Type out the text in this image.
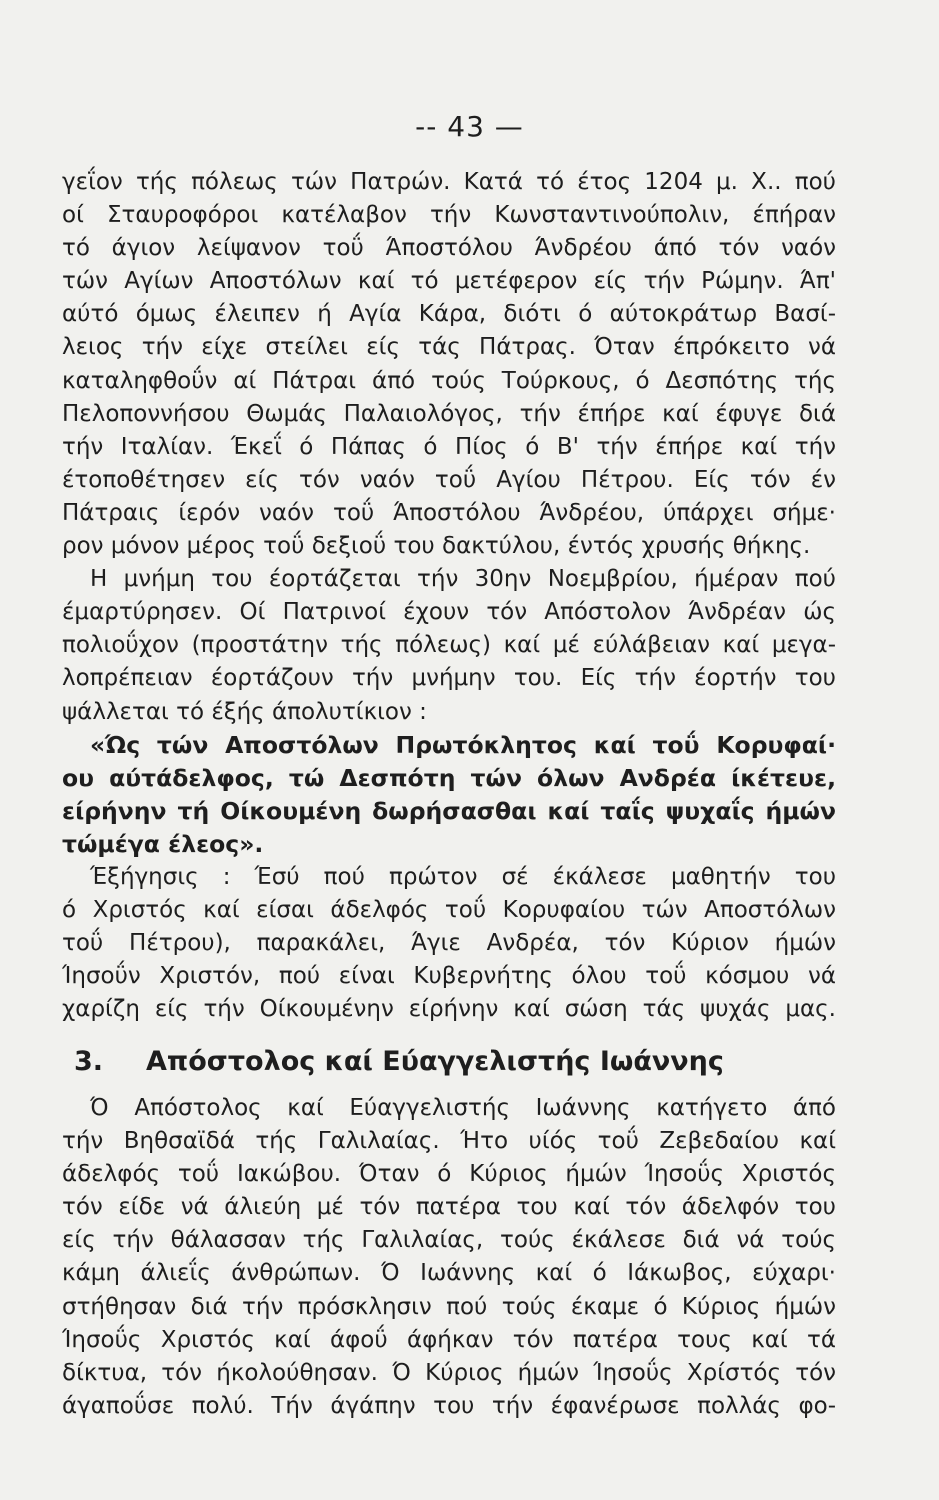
-- 43 —
γεΐον τής πόλεως τών Πατρών. Κατά τό έτος 1204 μ. Χ.. πού
οί Σταυροφόροι κατέλαβον τήν Κωνσταντινούπολιν, έπήραν
τό άγιον λείψανον τοΰ Άποστόλου Άνδρέου άπό τόν ναόν
τών Αγίων Αποστόλων καί τό μετέφερον είς τήν Ρώμην. Άπ'
αύτό όμως έλειπεν ή Αγία Κάρα, διότι ό αύτοκράτωρ Βασί-
λειος τήν είχε στείλει είς τάς Πάτρας. Όταν έπρόκειτο νά
καταληφθοΰν αί Πάτραι άπό τούς Τούρκους, ό Δεσπότης τής
Πελοποννήσου Θωμάς Παλαιολόγος, τήν έπήρε καί έφυγε διά
τήν Ιταλίαν. Έκεΐ ό Πάπας ό Πίος ό Β' τήν έπήρε καί τήν
έτοποθέτησεν είς τόν ναόν τοΰ Αγίου Πέτρου. Είς τόν έν
Πάτραις ίερόν ναόν τοΰ Άποστόλου Άνδρέου, ύπάρχει σήμε·
ρον μόνον μέρος τοΰ δεξιοΰ του δακτύλου, έντός χρυσής θήκης.
Η μνήμη του έορτάζεται τήν 30ην Νοεμβρίου, ήμέραν πού
έμαρτύρησεν. Οί Πατρινοί έχουν τόν Απόστολον Άνδρέαν ώς
πολιοΰχον (προστάτην τής πόλεως) καί μέ εύλάβειαν καί μεγα-
λοπρέπειαν έορτάζουν τήν μνήμην του. Είς τήν έορτήν του
ψάλλεται τό έξής άπολυτίκιον :
«Ώς τών Αποστόλων Πρωτόκλητος καί τοΰ Κορυφαί·
ου αύτάδελφος, τώ Δεσπότη τών όλων Ανδρέα ίκέτευε,
είρήνην τή Οίκουμένη δωρήσασθαι καί ταΐς ψυχαΐς ήμών
τώμέγα έλεος».
Έξήγησις : Έσύ πού πρώτον σέ έκάλεσε μαθητήν του
ό Χριστός καί είσαι άδελφός τοΰ Κορυφαίου τών Αποστόλων
τοΰ Πέτρου), παρακάλει, Άγιε Ανδρέα, τόν Κύριον ήμών
Ίησοΰν Χριστόν, πού είναι Κυβερνήτης όλου τοΰ κόσμου νά
χαρίζη είς τήν Οίκουμένην είρήνην καί σώση τάς ψυχάς μας.
3. Απόστολος καί Εύαγγελιστής Ιωάννης
Ό Απόστολος καί Εύαγγελιστής Ιωάννης κατήγετο άπό
τήν Βηθσαϊδά τής Γαλιλαίας. Ήτο υίός τοΰ Ζεβεδαίου καί
άδελφός τοΰ Ιακώβου. Όταν ό Κύριος ήμών Ίησοΰς Χριστός
τόν είδε νά άλιεύη μέ τόν πατέρα του καί τόν άδελφόν του
είς τήν θάλασσαν τής Γαλιλαίας, τούς έκάλεσε διά νά τούς
κάμη άλιεΐς άνθρώπων. Ό Ιωάννης καί ό Ιάκωβος, εύχαρι·
στήθησαν διά τήν πρόσκλησιν πού τούς έκαμε ό Κύριος ήμών
Ίησοΰς Χριστός καί άφοΰ άφήκαν τόν πατέρα τους καί τά
δίκτυα, τόν ήκολούθησαν. Ό Κύριος ήμών Ίησοΰς Χρίστός τόν
άγαποΰσε πολύ. Τήν άγάπην του τήν έφανέρωσε πολλάς φο-
